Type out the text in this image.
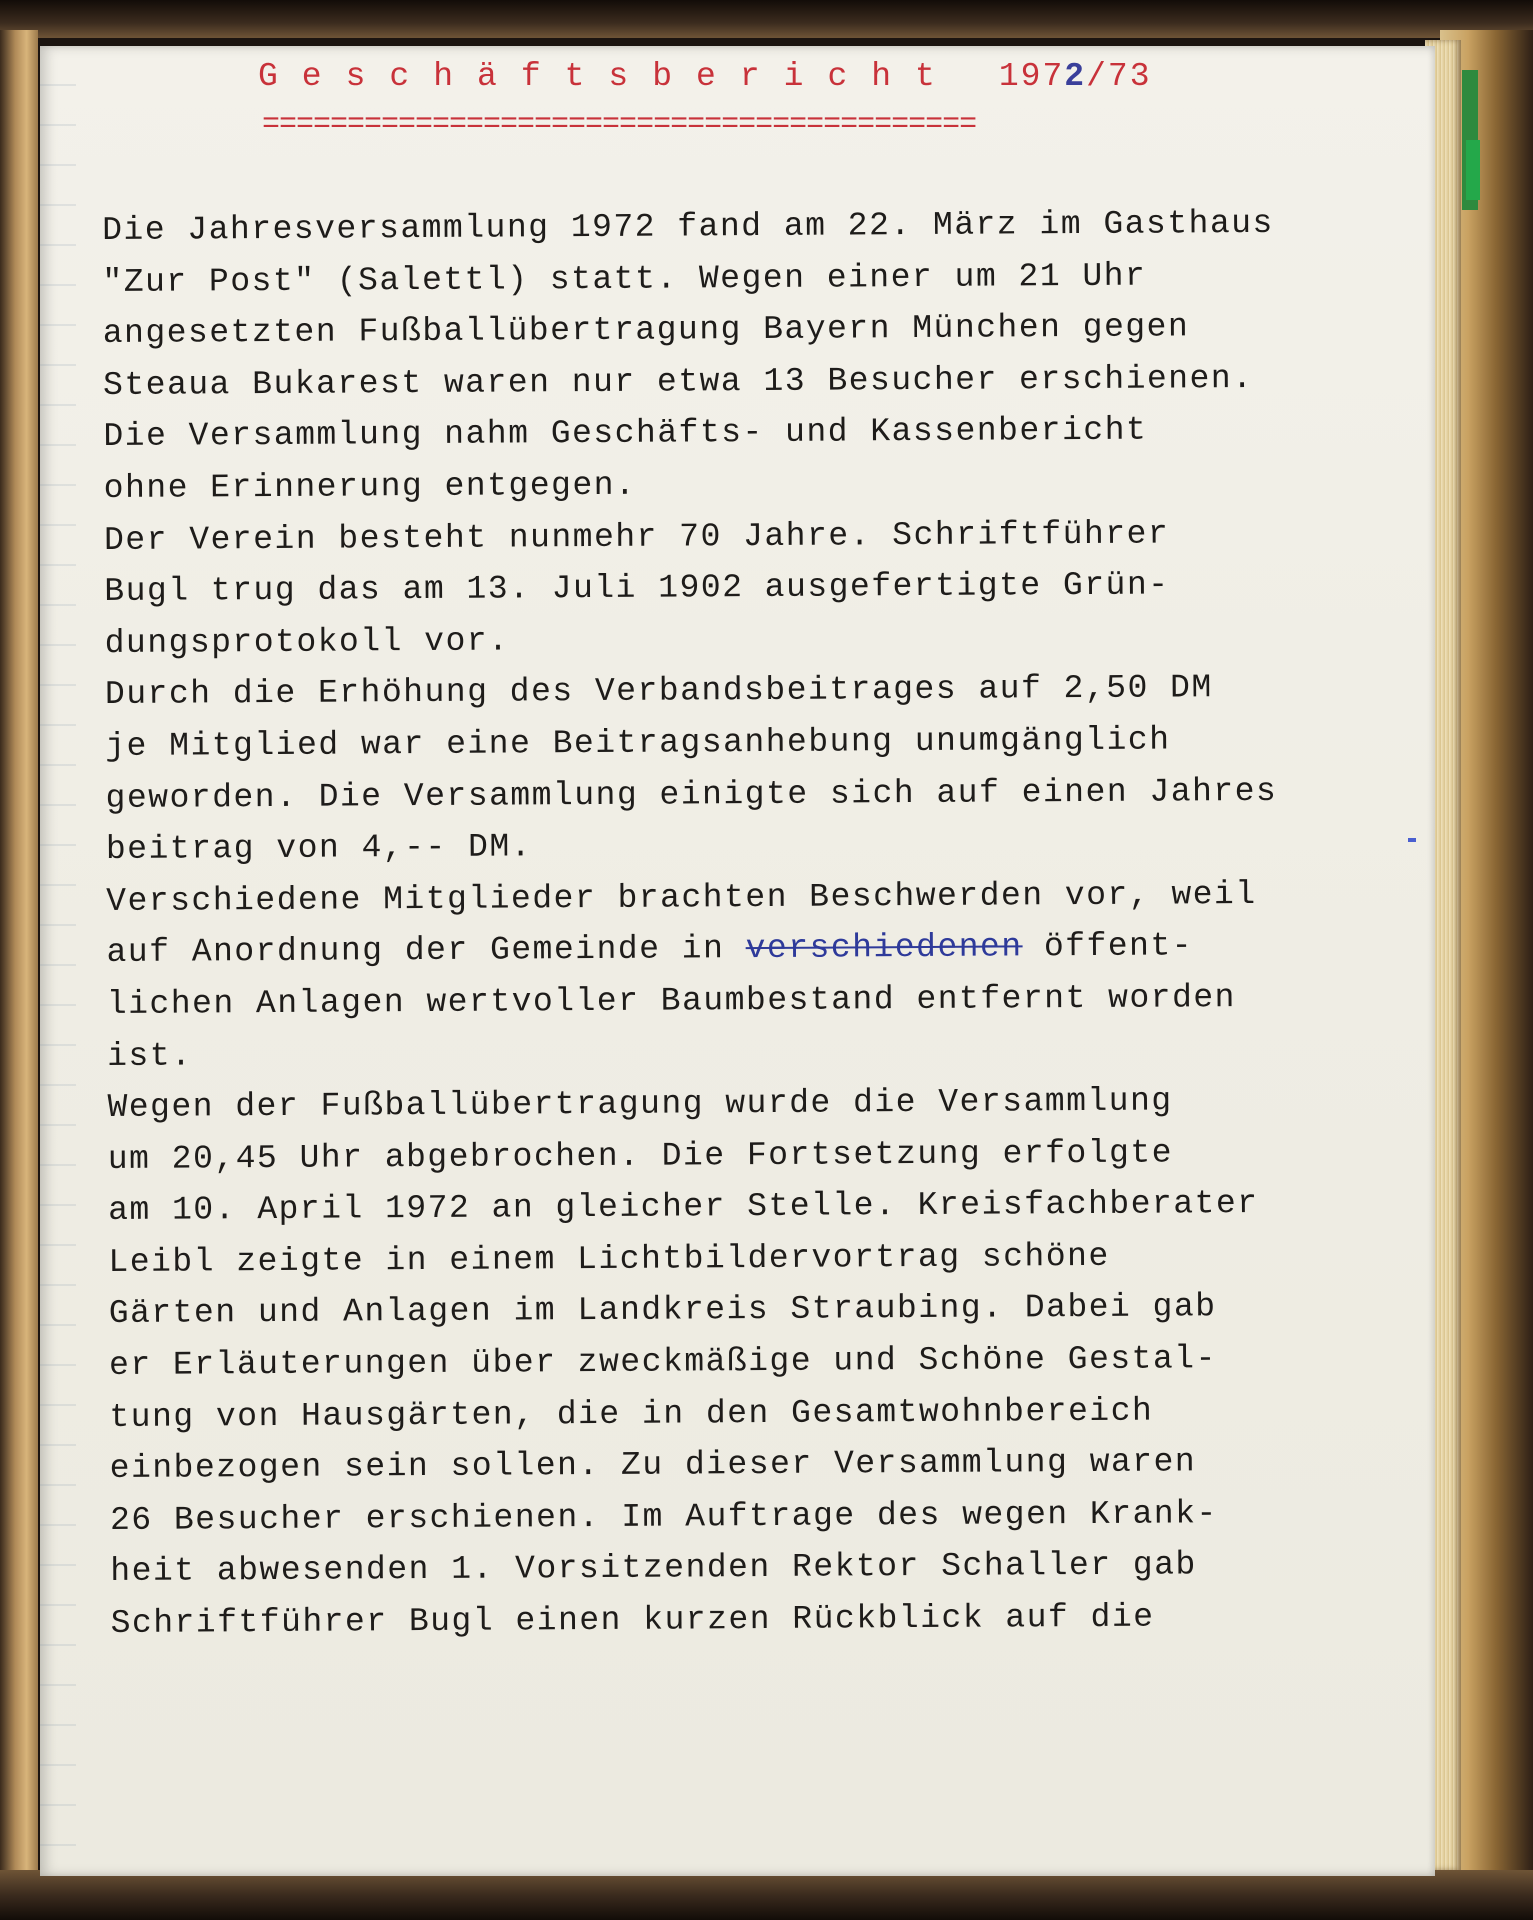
Geschäftsbericht 1972/73
==========================================
Die Jahresversammlung 1972 fand am 22. März im Gasthaus
"Zur Post" (Salettl) statt. Wegen einer um 21 Uhr
angesetzten Fußballübertragung Bayern München gegen
Steaua Bukarest waren nur etwa 13 Besucher erschienen.
Die Versammlung nahm Geschäfts- und Kassenbericht
ohne Erinnerung entgegen.
Der Verein besteht nunmehr 70 Jahre. Schriftführer
Bugl trug das am 13. Juli 1902 ausgefertigte Grün-
dungsprotokoll vor.
Durch die Erhöhung des Verbandsbeitrages auf 2,50 DM
je Mitglied war eine Beitragsanhebung unumgänglich
geworden. Die Versammlung einigte sich auf einen Jahres
beitrag von 4,-- DM.
Verschiedene Mitglieder brachten Beschwerden vor, weil
auf Anordnung der Gemeinde in verschiedenen öffent-
lichen Anlagen wertvoller Baumbestand entfernt worden
ist.
Wegen der Fußballübertragung wurde die Versammlung
um 20,45 Uhr abgebrochen. Die Fortsetzung erfolgte
am 10. April 1972 an gleicher Stelle. Kreisfachberater
Leibl zeigte in einem Lichtbildervortrag schöne
Gärten und Anlagen im Landkreis Straubing. Dabei gab
er Erläuterungen über zweckmäßige und Schöne Gestal-
tung von Hausgärten, die in den Gesamtwohnbereich
einbezogen sein sollen. Zu dieser Versammlung waren
26 Besucher erschienen. Im Auftrage des wegen Krank-
heit abwesenden 1. Vorsitzenden Rektor Schaller gab
Schriftführer Bugl einen kurzen Rückblick auf die
